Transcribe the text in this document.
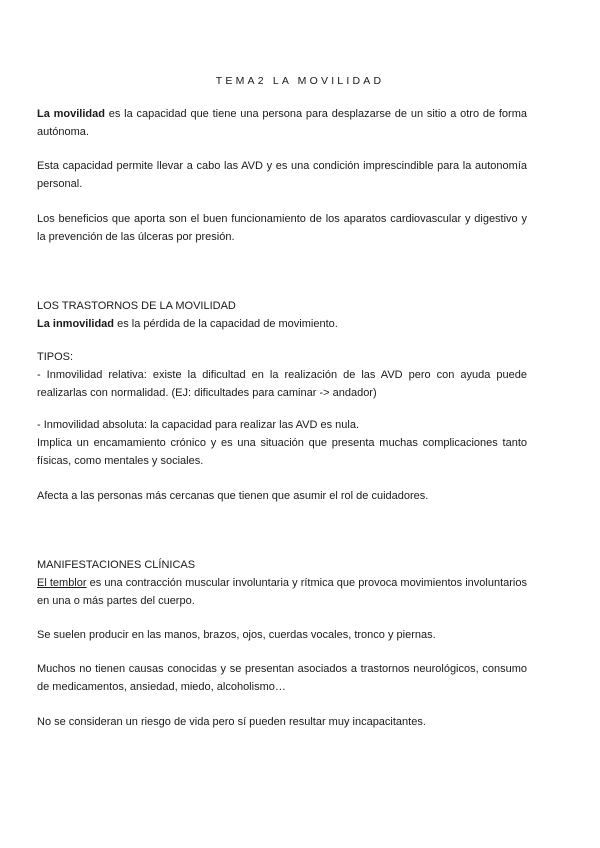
TEMA2 LA MOVILIDAD

La movilidad es la capacidad que tiene una persona para desplazarse de un sitio a otro de forma autónoma.

Esta capacidad permite llevar a cabo las AVD y es una condición imprescindible para la autonomía personal.

Los beneficios que aporta son el buen funcionamiento de los aparatos cardiovascular y digestivo y la prevención de las úlceras por presión.

LOS TRASTORNOS DE LA MOVILIDAD

La inmovilidad es la pérdida de la capacidad de movimiento.

TIPOS:

- Inmovilidad relativa: existe la dificultad en la realización de las AVD pero con ayuda puede realizarlas con normalidad. (EJ: dificultades para caminar -> andador)

- Inmovilidad absoluta: la capacidad para realizar las AVD es nula.

Implica un encamamiento crónico y es una situación que presenta muchas complicaciones tanto físicas, como mentales y sociales.

Afecta a las personas más cercanas que tienen que asumir el rol de cuidadores.

MANIFESTACIONES CLÍNICAS

El temblor es una contracción muscular involuntaria y rítmica que provoca movimientos involuntarios en una o más partes del cuerpo.

Se suelen producir en las manos, brazos, ojos, cuerdas vocales, tronco y piernas.

Muchos no tienen causas conocidas y se presentan asociados a trastornos neurológicos, consumo de medicamentos, ansiedad, miedo, alcoholismo…

No se consideran un riesgo de vida pero sí pueden resultar muy incapacitantes.
